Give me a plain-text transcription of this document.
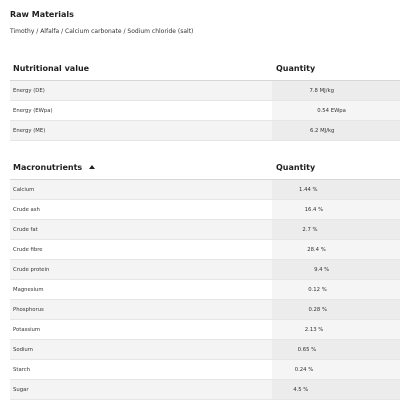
Raw Materials
Timothy / Alfalfa / Calcium carbonate / Sodium chloride (salt)
Nutritional value	Quantity
Energy (DE)	7.8 MJ/kg
Energy (EWpa)	0.54 EWpa
Energy (ME)	6.2 MJ/kg
Macronutrients	Quantity
Calcium	1.44 %
Crude ash	16.4 %
Crude fat	2.7 %
Crude fibre	28.4 %
Crude protein	9.4 %
Magnesium	0.12 %
Phosphorus	0.28 %
Potassium	2.13 %
Sodium	0.65 %
Starch	0.24 %
Sugar	4.5 %
